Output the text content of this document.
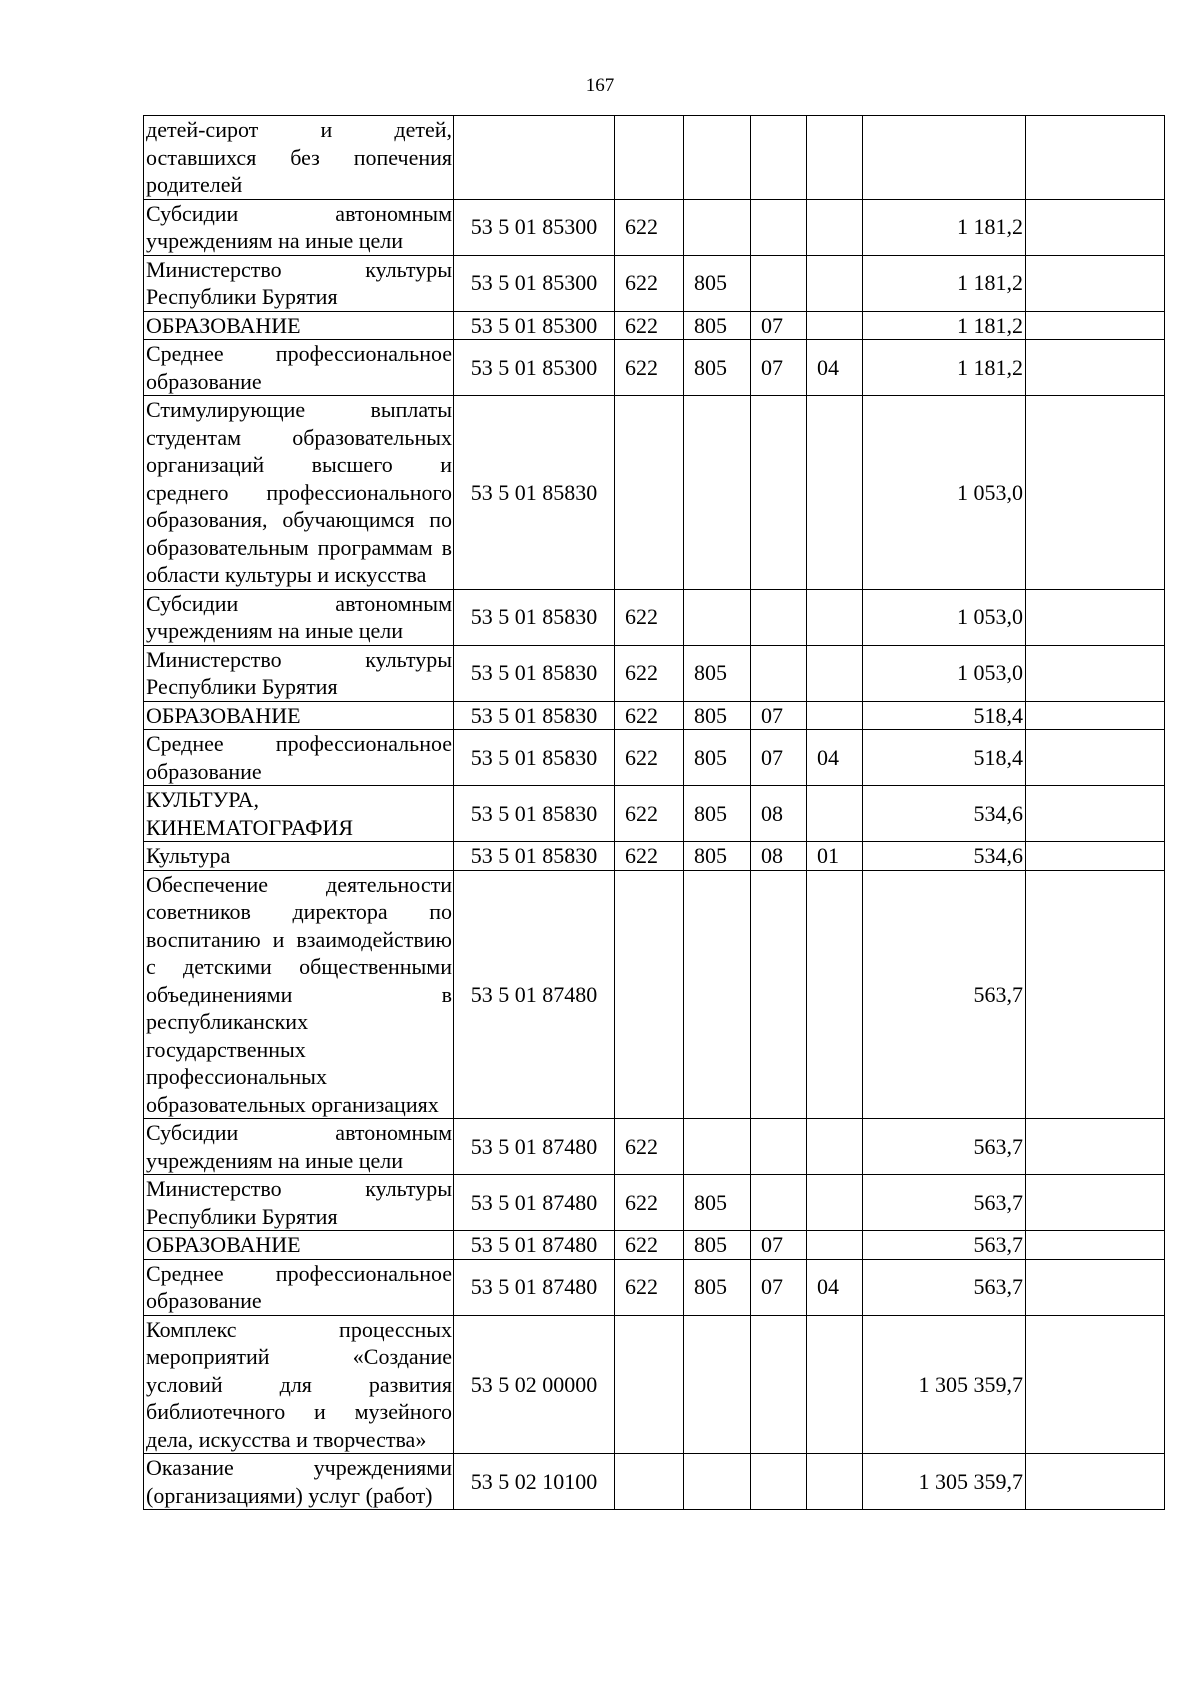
167
детей-сирот и детей, оставшихся без попечения родителей							
Субсидии автономным учреждениям на иные цели	53 5 01 85300	622				1 181,2	
Министерство культуры Республики Бурятия	53 5 01 85300	622	805			1 181,2	
ОБРАЗОВАНИЕ	53 5 01 85300	622	805	07		1 181,2	
Среднее профессиональное образование	53 5 01 85300	622	805	07	04	1 181,2	
Стимулирующие выплаты студентам образовательных организаций высшего и среднего профессионального образования, обучающимся по образовательным программам в области культуры и искусства	53 5 01 85830					1 053,0	
Субсидии автономным учреждениям на иные цели	53 5 01 85830	622				1 053,0	
Министерство культуры Республики Бурятия	53 5 01 85830	622	805			1 053,0	
ОБРАЗОВАНИЕ	53 5 01 85830	622	805	07		518,4	
Среднее профессиональное образование	53 5 01 85830	622	805	07	04	518,4	
КУЛЬТУРА, КИНЕМАТОГРАФИЯ	53 5 01 85830	622	805	08		534,6	
Культура	53 5 01 85830	622	805	08	01	534,6	
Обеспечение деятельности советников директора по воспитанию и взаимодействию с детскими общественными объединениями в республиканских государственных профессиональных образовательных организациях	53 5 01 87480					563,7	
Субсидии автономным учреждениям на иные цели	53 5 01 87480	622				563,7	
Министерство культуры Республики Бурятия	53 5 01 87480	622	805			563,7	
ОБРАЗОВАНИЕ	53 5 01 87480	622	805	07		563,7	
Среднее профессиональное образование	53 5 01 87480	622	805	07	04	563,7	
Комплекс процессных мероприятий «Создание условий для развития библиотечного и музейного дела, искусства и творчества»	53 5 02 00000					1 305 359,7	
Оказание учреждениями (организациями) услуг (работ)	53 5 02 10100					1 305 359,7	
